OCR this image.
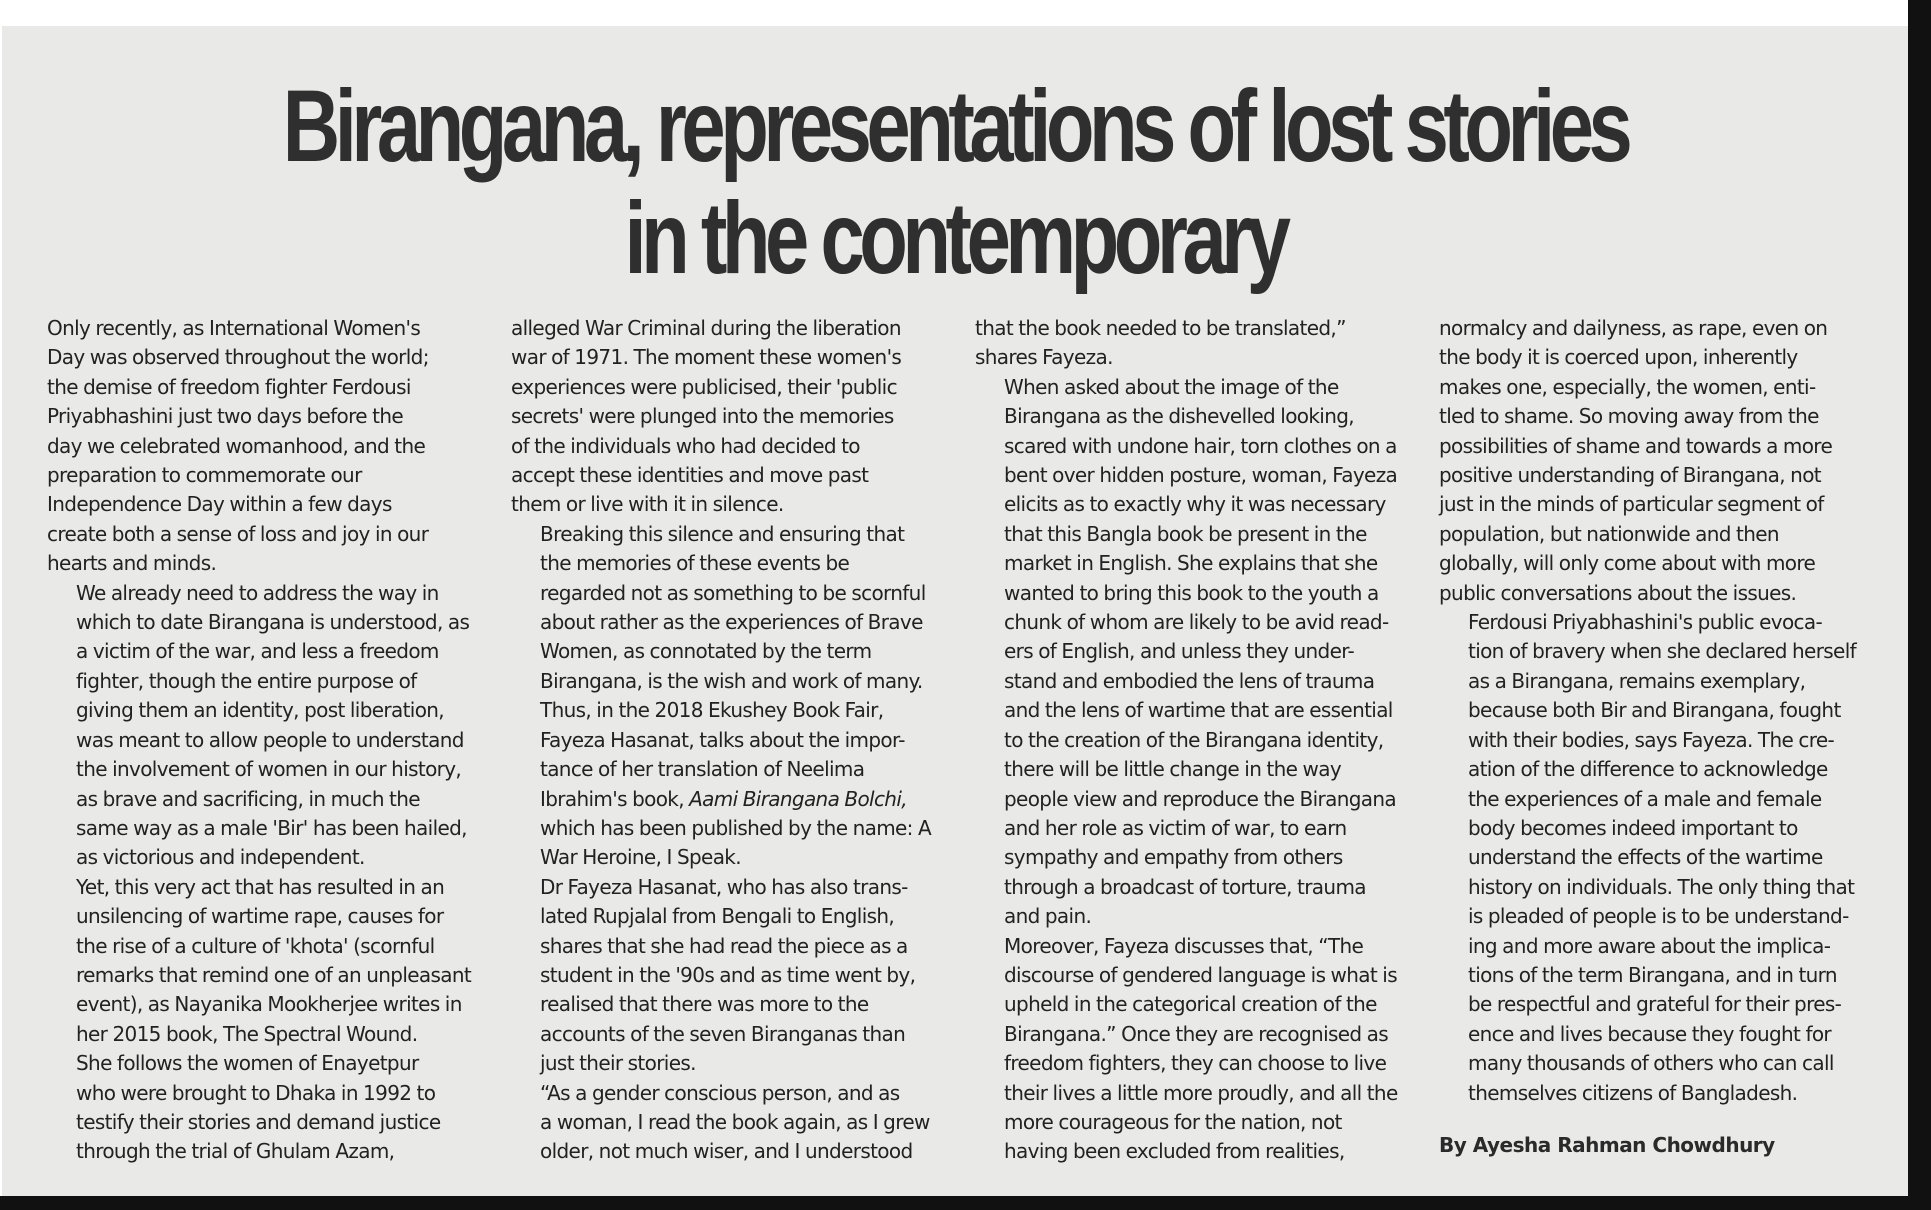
Birangana, representations of lost stories
in the contemporary

Only recently, as International Women's
Day was observed throughout the world;
the demise of freedom fighter Ferdousi
Priyabhashini just two days before the
day we celebrated womanhood, and the
preparation to commemorate our
Independence Day within a few days
create both a sense of loss and joy in our
hearts and minds.

We already need to address the way in
which to date Birangana is understood, as
a victim of the war, and less a freedom
fighter, though the entire purpose of
giving them an identity, post liberation,
was meant to allow people to understand
the involvement of women in our history,
as brave and sacrificing, in much the
same way as a male 'Bir' has been hailed,
as victorious and independent.

Yet, this very act that has resulted in an
unsilencing of wartime rape, causes for
the rise of a culture of 'khota' (scornful
remarks that remind one of an unpleasant
event), as Nayanika Mookherjee writes in
her 2015 book, The Spectral Wound.

She follows the women of Enayetpur
who were brought to Dhaka in 1992 to
testify their stories and demand justice
through the trial of Ghulam Azam,

alleged War Criminal during the liberation
war of 1971. The moment these women's
experiences were publicised, their 'public
secrets' were plunged into the memories
of the individuals who had decided to
accept these identities and move past
them or live with it in silence.

Breaking this silence and ensuring that
the memories of these events be
regarded not as something to be scornful
about rather as the experiences of Brave
Women, as connotated by the term
Birangana, is the wish and work of many.
Thus, in the 2018 Ekushey Book Fair,
Fayeza Hasanat, talks about the impor-
tance of her translation of Neelima
Ibrahim's book, Aami Birangana Bolchi,
which has been published by the name: A
War Heroine, I Speak.

Dr Fayeza Hasanat, who has also trans-
lated Rupjalal from Bengali to English,
shares that she had read the piece as a
student in the '90s and as time went by,
realised that there was more to the
accounts of the seven Biranganas than
just their stories.

“As a gender conscious person, and as
a woman, I read the book again, as I grew
older, not much wiser, and I understood

that the book needed to be translated,”
shares Fayeza.

When asked about the image of the
Birangana as the dishevelled looking,
scared with undone hair, torn clothes on a
bent over hidden posture, woman, Fayeza
elicits as to exactly why it was necessary
that this Bangla book be present in the
market in English. She explains that she
wanted to bring this book to the youth a
chunk of whom are likely to be avid read-
ers of English, and unless they under-
stand and embodied the lens of trauma
and the lens of wartime that are essential
to the creation of the Birangana identity,
there will be little change in the way
people view and reproduce the Birangana
and her role as victim of war, to earn
sympathy and empathy from others
through a broadcast of torture, trauma
and pain.

Moreover, Fayeza discusses that, “The
discourse of gendered language is what is
upheld in the categorical creation of the
Birangana.” Once they are recognised as
freedom fighters, they can choose to live
their lives a little more proudly, and all the
more courageous for the nation, not
having been excluded from realities,

normalcy and dailyness, as rape, even on
the body it is coerced upon, inherently
makes one, especially, the women, enti-
tled to shame. So moving away from the
possibilities of shame and towards a more
positive understanding of Birangana, not
just in the minds of particular segment of
population, but nationwide and then
globally, will only come about with more
public conversations about the issues.

Ferdousi Priyabhashini's public evoca-
tion of bravery when she declared herself
as a Birangana, remains exemplary,
because both Bir and Birangana, fought
with their bodies, says Fayeza. The cre-
ation of the difference to acknowledge
the experiences of a male and female
body becomes indeed important to
understand the effects of the wartime
history on individuals. The only thing that
is pleaded of people is to be understand-
ing and more aware about the implica-
tions of the term Birangana, and in turn
be respectful and grateful for their pres-
ence and lives because they fought for
many thousands of others who can call
themselves citizens of Bangladesh.

By Ayesha Rahman Chowdhury
